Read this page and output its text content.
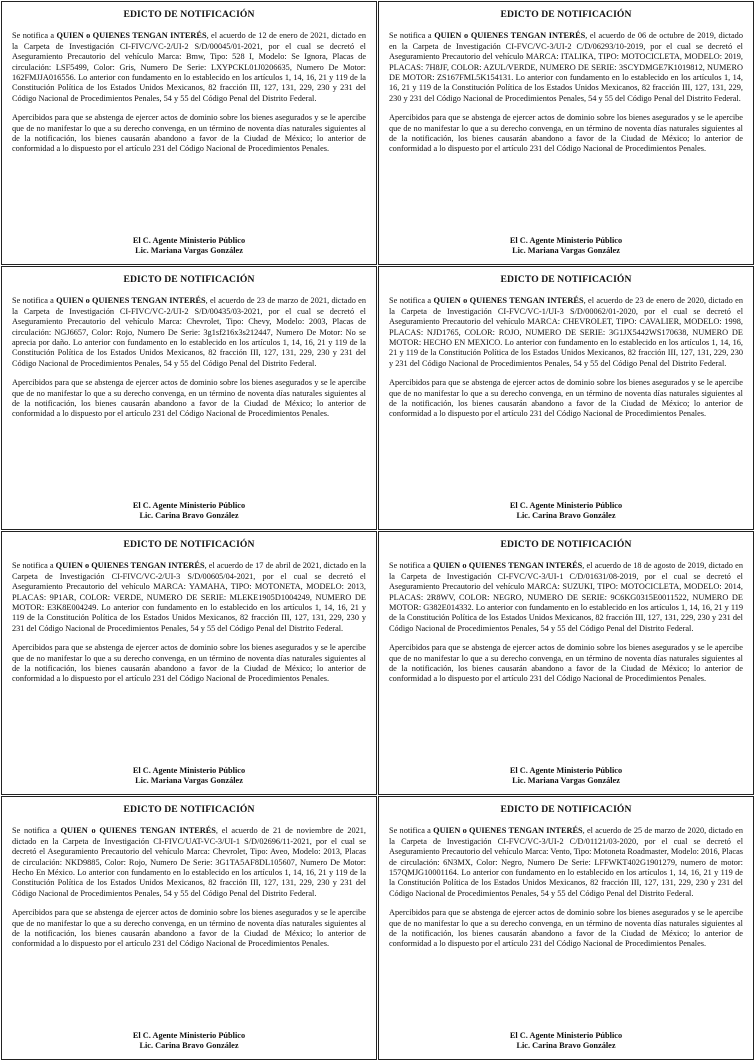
EDICTO DE NOTIFICACIÓN

Se notifica a QUIEN o QUIENES TENGAN INTERÉS, el acuerdo de 12 de enero de 2021, dictado en la Carpeta de Investigación CI-FIVC/VC-2/UI-2 S/D/00045/01-2021, por el cual se decretó el Aseguramiento Precautorio del vehículo Marca: Bmw, Tipo: 528 I, Modelo: Se Ignora, Placas de circulación: LSF5499, Color: Gris, Numero De Serie: LXYPCKL01J0206635, Numero De Motor: 162FMJJA016556. Lo anterior con fundamento en lo establecido en los artículos 1, 14, 16, 21 y 119 de la Constitución Política de los Estados Unidos Mexicanos, 82 fracción III, 127, 131, 229, 230 y 231 del Código Nacional de Procedimientos Penales, 54 y 55 del Código Penal del Distrito Federal.

Apercibidos para que se abstenga de ejercer actos de dominio sobre los bienes asegurados y se le apercibe que de no manifestar lo que a su derecho convenga, en un término de noventa días naturales siguientes al de la notificación, los bienes causarán abandono a favor de la Ciudad de México; lo anterior de conformidad a lo dispuesto por el artículo 231 del Código Nacional de Procedimientos Penales.

El C. Agente Ministerio Público
Lic. Mariana Vargas González
EDICTO DE NOTIFICACIÓN

Se notifica a QUIEN o QUIENES TENGAN INTERÉS, el acuerdo de 06 de octubre de 2019, dictado en la Carpeta de Investigación CI-FVC/VC-3/UI-2 C/D/06293/10-2019, por el cual se decretó el Aseguramiento Precautorio del vehículo MARCA: ITALIKA, TIPO: MOTOCICLETA, MODELO: 2019, PLACAS: 7H8JF, COLOR: AZUL/VERDE, NUMERO DE SERIE: 3SCYDMGE7K1019812, NUMERO DE MOTOR: ZS167FML5K154131. Lo anterior con fundamento en lo establecido en los artículos 1, 14, 16, 21 y 119 de la Constitución Política de los Estados Unidos Mexicanos, 82 fracción III, 127, 131, 229, 230 y 231 del Código Nacional de Procedimientos Penales, 54 y 55 del Código Penal del Distrito Federal.

Apercibidos para que se abstenga de ejercer actos de dominio sobre los bienes asegurados y se le apercibe que de no manifestar lo que a su derecho convenga, en un término de noventa días naturales siguientes al de la notificación, los bienes causarán abandono a favor de la Ciudad de México; lo anterior de conformidad a lo dispuesto por el artículo 231 del Código Nacional de Procedimientos Penales.

El C. Agente Ministerio Público
Lic. Mariana Vargas González
EDICTO DE NOTIFICACIÓN

Se notifica a QUIEN o QUIENES TENGAN INTERÉS, el acuerdo de 23 de marzo de 2021, dictado en la Carpeta de Investigación CI-FIVC/VC-2/UI-2 S/D/00435/03-2021, por el cual se decretó el Aseguramiento Precautorio del vehículo Marca: Chevrolet, Tipo: Chevy, Modelo: 2003, Placas de circulación: NGJ6657, Color: Rojo, Numero De Serie: 3g1sf216x3s212447, Numero De Motor: No se aprecia por daño. Lo anterior con fundamento en lo establecido en los artículos 1, 14, 16, 21 y 119 de la Constitución Política de los Estados Unidos Mexicanos, 82 fracción III, 127, 131, 229, 230 y 231 del Código Nacional de Procedimientos Penales, 54 y 55 del Código Penal del Distrito Federal.

Apercibidos para que se abstenga de ejercer actos de dominio sobre los bienes asegurados y se le apercibe que de no manifestar lo que a su derecho convenga, en un término de noventa días naturales siguientes al de la notificación, los bienes causarán abandono a favor de la Ciudad de México; lo anterior de conformidad a lo dispuesto por el artículo 231 del Código Nacional de Procedimientos Penales.

El C. Agente Ministerio Público
Lic. Carina Bravo González
EDICTO DE NOTIFICACIÓN

Se notifica a QUIEN o QUIENES TENGAN INTERÉS, el acuerdo de 23 de enero de 2020, dictado en la Carpeta de Investigación CI-FVC/VC-1/UI-3 S/D/00062/01-2020, por el cual se decretó el Aseguramiento Precautorio del vehículo MARCA: CHEVROLET, TIPO: CAVALIER, MODELO: 1998, PLACAS: NJD1765, COLOR: ROJO, NUMERO DE SERIE: 3G1JX5442WS170638, NUMERO DE MOTOR: HECHO EN MEXICO. Lo anterior con fundamento en lo establecido en los artículos 1, 14, 16, 21 y 119 de la Constitución Política de los Estados Unidos Mexicanos, 82 fracción III, 127, 131, 229, 230 y 231 del Código Nacional de Procedimientos Penales, 54 y 55 del Código Penal del Distrito Federal.

Apercibidos para que se abstenga de ejercer actos de dominio sobre los bienes asegurados y se le apercibe que de no manifestar lo que a su derecho convenga, en un término de noventa días naturales siguientes al de la notificación, los bienes causarán abandono a favor de la Ciudad de México; lo anterior de conformidad a lo dispuesto por el artículo 231 del Código Nacional de Procedimientos Penales.

El C. Agente Ministerio Público
Lic. Carina Bravo González
EDICTO DE NOTIFICACIÓN

Se notifica a QUIEN o QUIENES TENGAN INTERÉS, el acuerdo de 17 de abril de 2021, dictado en la Carpeta de Investigación CI-FIVC/VC-2/UI-3 S/D/00605/04-2021, por el cual se decretó el Aseguramiento Precautorio del vehículo MARCA: YAMAHA, TIPO: MOTONETA, MODELO: 2013, PLACAS: 9P1AR, COLOR: VERDE, NUMERO DE SERIE: MLEKE1905D1004249, NUMERO DE MOTOR: E3K8E004249. Lo anterior con fundamento en lo establecido en los artículos 1, 14, 16, 21 y 119 de la Constitución Política de los Estados Unidos Mexicanos, 82 fracción III, 127, 131, 229, 230 y 231 del Código Nacional de Procedimientos Penales, 54 y 55 del Código Penal del Distrito Federal.

Apercibidos para que se abstenga de ejercer actos de dominio sobre los bienes asegurados y se le apercibe que de no manifestar lo que a su derecho convenga, en un término de noventa días naturales siguientes al de la notificación, los bienes causarán abandono a favor de la Ciudad de México; lo anterior de conformidad a lo dispuesto por el artículo 231 del Código Nacional de Procedimientos Penales.

El C. Agente Ministerio Público
Lic. Mariana Vargas González
EDICTO DE NOTIFICACIÓN

Se notifica a QUIEN o QUIENES TENGAN INTERÉS, el acuerdo de 18 de agosto de 2019, dictado en la Carpeta de Investigación CI-FVC/VC-3/UI-1 C/D/01631/08-2019, por el cual se decretó el Aseguramiento Precautorio del vehículo MARCA: SUZUKI, TIPO: MOTOCICLETA, MODELO: 2014, PLACAS: 2R8WV, COLOR: NEGRO, NUMERO DE SERIE: 9C6KG0315E0011522, NUMERO DE MOTOR: G382E014332. Lo anterior con fundamento en lo establecido en los artículos 1, 14, 16, 21 y 119 de la Constitución Política de los Estados Unidos Mexicanos, 82 fracción III, 127, 131, 229, 230 y 231 del Código Nacional de Procedimientos Penales, 54 y 55 del Código Penal del Distrito Federal.

Apercibidos para que se abstenga de ejercer actos de dominio sobre los bienes asegurados y se le apercibe que de no manifestar lo que a su derecho convenga, en un término de noventa días naturales siguientes al de la notificación, los bienes causarán abandono a favor de la Ciudad de México; lo anterior de conformidad a lo dispuesto por el artículo 231 del Código Nacional de Procedimientos Penales.

El C. Agente Ministerio Público
Lic. Mariana Vargas González
EDICTO DE NOTIFICACIÓN

Se notifica a QUIEN o QUIENES TENGAN INTERÉS, el acuerdo de 21 de noviembre de 2021, dictado en la Carpeta de Investigación CI-FIVC/UAT-VC-3/UI-1 S/D/02696/11-2021, por el cual se decretó el Aseguramiento Precautorio del vehículo Marca: Chevrolet, Tipo: Aveo, Modelo: 2013, Placas de circulación: NKD9885, Color: Rojo, Numero De Serie: 3G1TA5AF8DL105607, Numero De Motor: Hecho En México. Lo anterior con fundamento en lo establecido en los artículos 1, 14, 16, 21 y 119 de la Constitución Política de los Estados Unidos Mexicanos, 82 fracción III, 127, 131, 229, 230 y 231 del Código Nacional de Procedimientos Penales, 54 y 55 del Código Penal del Distrito Federal.

Apercibidos para que se abstenga de ejercer actos de dominio sobre los bienes asegurados y se le apercibe que de no manifestar lo que a su derecho convenga, en un término de noventa días naturales siguientes al de la notificación, los bienes causarán abandono a favor de la Ciudad de México; lo anterior de conformidad a lo dispuesto por el artículo 231 del Código Nacional de Procedimientos Penales.

El C. Agente Ministerio Público
Lic. Carina Bravo González
EDICTO DE NOTIFICACIÓN

Se notifica a QUIEN o QUIENES TENGAN INTERÉS, el acuerdo de 25 de marzo de 2020, dictado en la Carpeta de Investigación CI-FVC/VC-3/UI-2 C/D/01121/03-2020, por el cual se decretó el Aseguramiento Precautorio del vehículo Marca: Vento, Tipo: Motoneta Roadmaster, Modelo: 2016, Placas de circulación: 6N3MX, Color: Negro, Numero De Serie: LFFWKT402G1901279, numero de motor: 157QMJG10001164. Lo anterior con fundamento en lo establecido en los artículos 1, 14, 16, 21 y 119 de la Constitución Política de los Estados Unidos Mexicanos, 82 fracción III, 127, 131, 229, 230 y 231 del Código Nacional de Procedimientos Penales, 54 y 55 del Código Penal del Distrito Federal.

Apercibidos para que se abstenga de ejercer actos de dominio sobre los bienes asegurados y se le apercibe que de no manifestar lo que a su derecho convenga, en un término de noventa días naturales siguientes al de la notificación, los bienes causarán abandono a favor de la Ciudad de México; lo anterior de conformidad a lo dispuesto por el artículo 231 del Código Nacional de Procedimientos Penales.

El C. Agente Ministerio Público
Lic. Carina Bravo González
